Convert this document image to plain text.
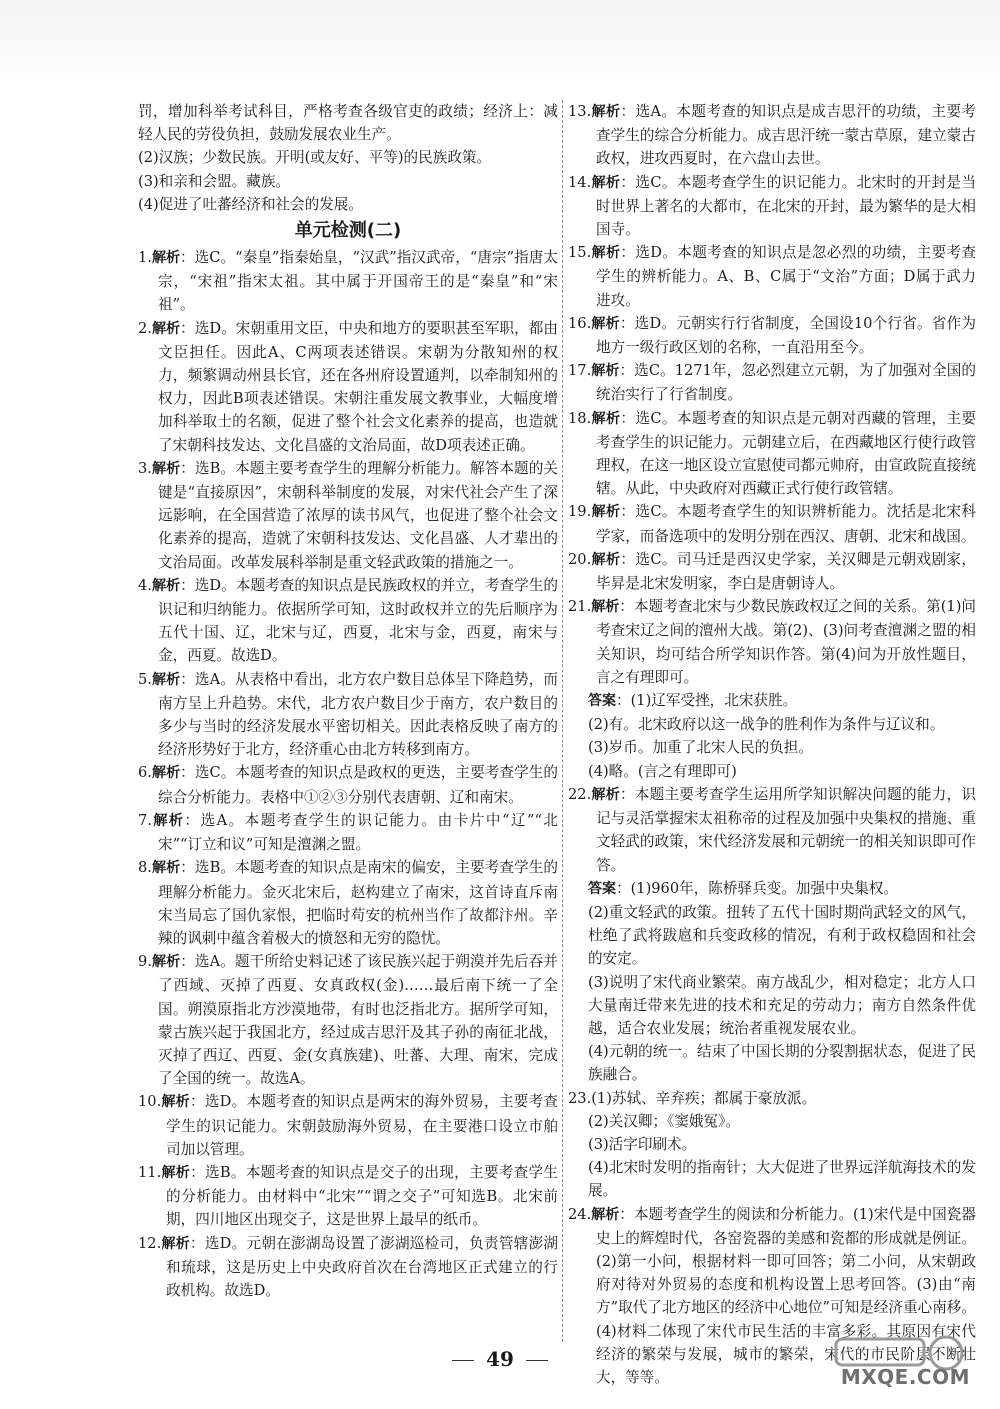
罚，增加科举考试科目，严格考查各级官吏的政绩；经济上：减轻人民的劳役负担，鼓励发展农业生产。

(2)汉族；少数民族。开明(或友好、平等)的民族政策。

(3)和亲和会盟。藏族。

(4)促进了吐蕃经济和社会的发展。

单元检测(二)

1.解析：选C。“秦皇”指秦始皇，“汉武”指汉武帝，“唐宗”指唐太宗，“宋祖”指宋太祖。其中属于开国帝王的是“秦皇”和“宋祖”。

2.解析：选D。宋朝重用文臣，中央和地方的要职甚至军职，都由文臣担任。因此A、C两项表述错误。宋朝为分散知州的权力，频繁调动州县长官，还在各州府设置通判，以牵制知州的权力，因此B项表述错误。宋朝注重发展文教事业，大幅度增加科举取士的名额，促进了整个社会文化素养的提高，也造就了宋朝科技发达、文化昌盛的文治局面，故D项表述正确。

3.解析：选B。本题主要考查学生的理解分析能力。解答本题的关键是“直接原因”，宋朝科举制度的发展，对宋代社会产生了深远影响，在全国营造了浓厚的读书风气，也促进了整个社会文化素养的提高，造就了宋朝科技发达、文化昌盛、人才辈出的文治局面。改革发展科举制是重文轻武政策的措施之一。

4.解析：选D。本题考查的知识点是民族政权的并立，考查学生的识记和归纳能力。依据所学可知，这时政权并立的先后顺序为五代十国、辽，北宋与辽，西夏，北宋与金，西夏，南宋与金，西夏。故选D。

5.解析：选A。从表格中看出，北方农户数目总体呈下降趋势，而南方呈上升趋势。宋代，北方农户数目少于南方，农户数目的多少与当时的经济发展水平密切相关。因此表格反映了南方的经济形势好于北方，经济重心由北方转移到南方。

6.解析：选C。本题考查的知识点是政权的更迭，主要考查学生的综合分析能力。表格中①②③分别代表唐朝、辽和南宋。

7.解析：选A。本题考查学生的识记能力。由卡片中“辽”“北宋”“订立和议”可知是澶渊之盟。

8.解析：选B。本题考查的知识点是南宋的偏安，主要考查学生的理解分析能力。金灭北宋后，赵构建立了南宋，这首诗直斥南宋当局忘了国仇家恨，把临时苟安的杭州当作了故都汴州。辛辣的讽刺中蕴含着极大的愤怒和无穷的隐忧。

9.解析：选A。题干所给史料记述了该民族兴起于朔漠并先后吞并了西域、灭掉了西夏、女真政权(金)……最后南下统一了全国。朔漠原指北方沙漠地带，有时也泛指北方。据所学可知，蒙古族兴起于我国北方，经过成吉思汗及其子孙的南征北战，灭掉了西辽、西夏、金(女真族建)、吐蕃、大理、南宋，完成了全国的统一。故选A。

10.解析：选D。本题考查的知识点是两宋的海外贸易，主要考查学生的识记能力。宋朝鼓励海外贸易，在主要港口设立市舶司加以管理。

11.解析：选B。本题考查的知识点是交子的出现，主要考查学生的分析能力。由材料中“北宋”“谓之交子”可知选B。北宋前期，四川地区出现交子，这是世界上最早的纸币。

12.解析：选D。元朝在澎湖岛设置了澎湖巡检司，负责管辖澎湖和琉球，这是历史上中央政府首次在台湾地区正式建立的行政机构。故选D。

13.解析：选A。本题考查的知识点是成吉思汗的功绩，主要考查学生的综合分析能力。成吉思汗统一蒙古草原，建立蒙古政权，进攻西夏时，在六盘山去世。

14.解析：选C。本题考查学生的识记能力。北宋时的开封是当时世界上著名的大都市，在北宋的开封，最为繁华的是大相国寺。

15.解析：选D。本题考查的知识点是忽必烈的功绩，主要考查学生的辨析能力。A、B、C属于“文治”方面；D属于武力进攻。

16.解析：选D。元朝实行行省制度，全国设10个行省。省作为地方一级行政区划的名称，一直沿用至今。

17.解析：选C。1271年，忽必烈建立元朝，为了加强对全国的统治实行了行省制度。

18.解析：选C。本题考查的知识点是元朝对西藏的管理，主要考查学生的识记能力。元朝建立后，在西藏地区行使行政管理权，在这一地区设立宣慰使司都元帅府，由宣政院直接统辖。从此，中央政府对西藏正式行使行政管辖。

19.解析：选C。本题考查学生的知识辨析能力。沈括是北宋科学家，而备选项中的发明分别在西汉、唐朝、北宋和战国。

20.解析：选C。司马迁是西汉史学家，关汉卿是元朝戏剧家，毕昇是北宋发明家，李白是唐朝诗人。

21.解析：本题考查北宋与少数民族政权辽之间的关系。第(1)问考查宋辽之间的澶州大战。第(2)、(3)问考查澶渊之盟的相关知识，均可结合所学知识作答。第(4)问为开放性题目，言之有理即可。

答案：(1)辽军受挫，北宋获胜。

(2)有。北宋政府以这一战争的胜利作为条件与辽议和。

(3)岁币。加重了北宋人民的负担。

(4)略。(言之有理即可)

22.解析：本题主要考查学生运用所学知识解决问题的能力，识记与灵活掌握宋太祖称帝的过程及加强中央集权的措施、重文轻武的政策，宋代经济发展和元朝统一的相关知识即可作答。

答案：(1)960年，陈桥驿兵变。加强中央集权。

(2)重文轻武的政策。扭转了五代十国时期尚武轻文的风气，杜绝了武将跋扈和兵变政移的情况，有利于政权稳固和社会的安定。

(3)说明了宋代商业繁荣。南方战乱少，相对稳定；北方人口大量南迁带来先进的技术和充足的劳动力；南方自然条件优越，适合农业发展；统治者重视发展农业。

(4)元朝的统一。结束了中国长期的分裂割据状态，促进了民族融合。

23.(1)苏轼、辛弃疾；都属于豪放派。

(2)关汉卿；《窦娥冤》。

(3)活字印刷术。

(4)北宋时发明的指南针；大大促进了世界远洋航海技术的发展。

24.解析：本题考查学生的阅读和分析能力。(1)宋代是中国瓷器史上的辉煌时代，各窑瓷器的美感和瓷都的形成就是例证。(2)第一小问，根据材料一即可回答；第二小问，从宋朝政府对待对外贸易的态度和机构设置上思考回答。(3)由“南方”取代了北方地区的经济中心地位”可知是经济重心南移。(4)材料二体现了宋代市民生活的丰富多彩。其原因有宋代经济的繁荣与发展，城市的繁荣，宋代的市民阶层不断壮大，等等。

49
MXQE.COM
